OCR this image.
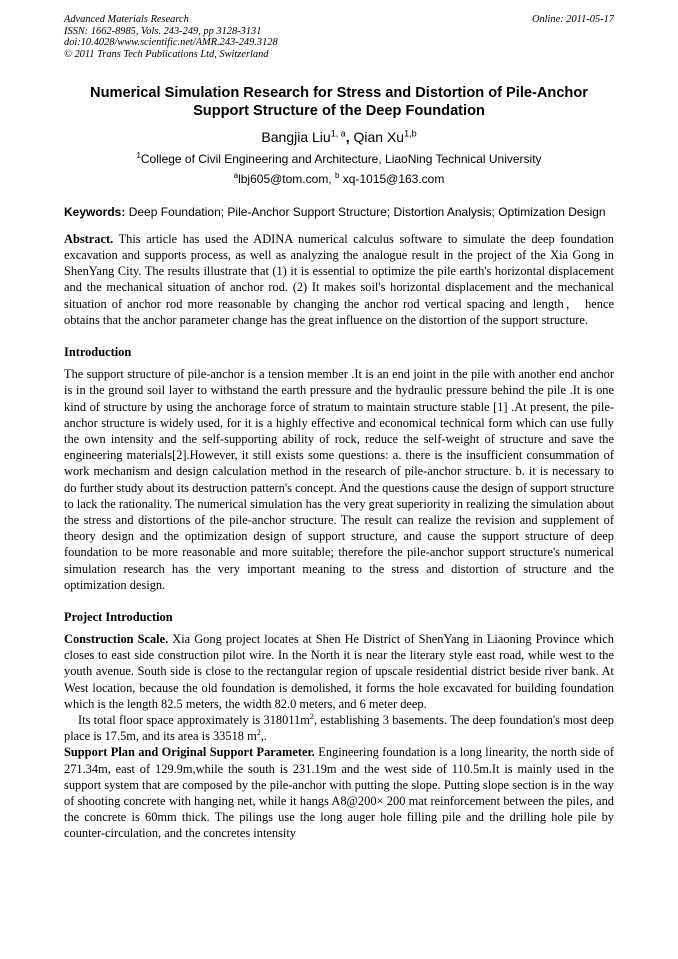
Advanced Materials Research
ISSN: 1662-8985, Vols. 243-249, pp 3128-3131
doi:10.4028/www.scientific.net/AMR.243-249.3128
© 2011 Trans Tech Publications Ltd, Switzerland
Online: 2011-05-17
Numerical Simulation Research for Stress and Distortion of Pile-Anchor Support Structure of the Deep Foundation
Bangjia Liu$^{1, a}$, Qian Xu$^{1,b}$
$^1$College of Civil Engineering and Architecture, LiaoNing Technical University
$^a$lbj605@tom.com, $^b$ xq-1015@163.com
Keywords: Deep Foundation; Pile-Anchor Support Structure; Distortion Analysis; Optimization Design
Abstract. This article has used the ADINA numerical calculus software to simulate the deep foundation excavation and supports process, as well as analyzing the analogue result in the project of the Xia Gong in ShenYang City. The results illustrate that (1) it is essential to optimize the pile earth's horizontal displacement and the mechanical situation of anchor rod. (2) It makes soil's horizontal displacement and the mechanical situation of anchor rod more reasonable by changing the anchor rod vertical spacing and length， hence obtains that the anchor parameter change has the great influence on the distortion of the support structure.
Introduction

The support structure of pile-anchor is a tension member .It is an end joint in the pile with another end anchor is in the ground soil layer to withstand the earth pressure and the hydraulic pressure behind the pile .It is one kind of structure by using the anchorage force of stratum to maintain structure stable [1] .At present, the pile-anchor structure is widely used, for it is a highly effective and economical technical form which can use fully the own intensity and the self-supporting ability of rock, reduce the self-weight of structure and save the engineering materials[2].However, it still exists some questions: a. there is the insufficient consummation of work mechanism and design calculation method in the research of pile-anchor structure. b. it is necessary to do further study about its destruction pattern's concept. And the questions cause the design of support structure to lack the rationality. The numerical simulation has the very great superiority in realizing the simulation about the stress and distortions of the pile-anchor structure. The result can realize the revision and supplement of theory design and the optimization design of support structure, and cause the support structure of deep foundation to be more reasonable and more suitable; therefore the pile-anchor support structure's numerical simulation research has the very important meaning to the stress and distortion of structure and the optimization design.

Project Introduction

Construction Scale. Xia Gong project locates at Shen He District of ShenYang in Liaoning Province which closes to east side construction pilot wire. In the North it is near the literary style east road, while west to the youth avenue. South side is close to the rectangular region of upscale residential district beside river bank. At West location, because the old foundation is demolished, it forms the hole excavated for building foundation which is the length 82.5 meters, the width 82.0 meters, and 6 meter deep.

Its total floor space approximately is $318011m^2$, establishing 3 basements. The deep foundation's most deep place is 17.5m, and its area is 33518 $m^2$,.

Support Plan and Original Support Parameter. Engineering foundation is a long linearity, the north side of 271.34m, east of 129.9m,while the south is 231.19m and the west side of 110.5m.It is mainly used in the support system that are composed by the pile-anchor with putting the slope. Putting slope section is in the way of shooting concrete with hanging net, while it hangs A8@200× 200 mat reinforcement between the piles, and the concrete is 60mm thick. The pilings use the long auger hole filling pile and the drilling hole pile by counter-circulation, and the concretes intensity
